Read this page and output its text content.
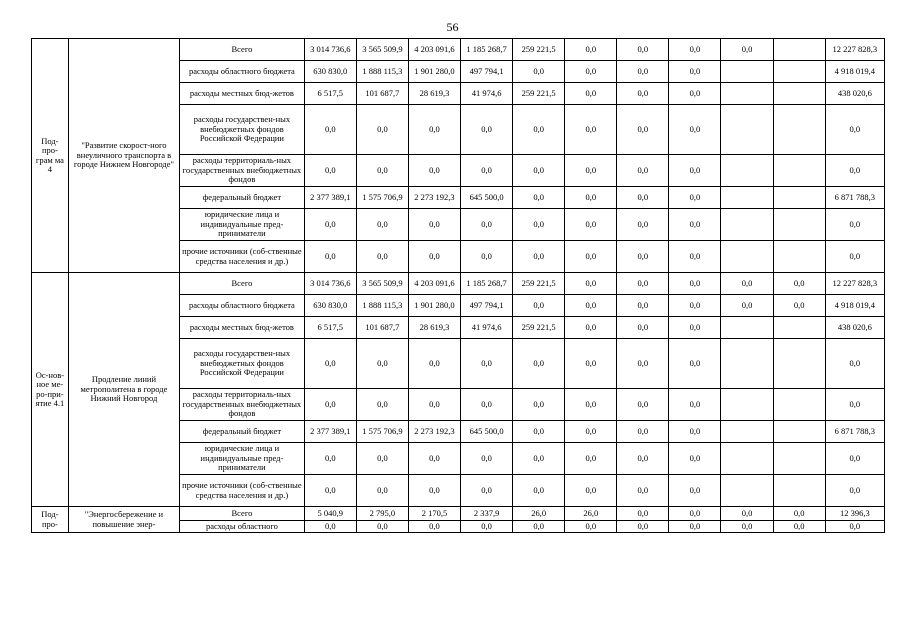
56
Под-про-грам ма 4	"Развитие скорост-ного внеуличного транспорта в городе Нижнем Новгороде"	Всего	3 014 736,6	3 565 509,9	4 203 091,6	1 185 268,7	259 221,5	0,0	0,0	0,0	0,0		12 227 828,3
		расходы областного бюджета	630 830,0	1 888 115,3	1 901 280,0	497 794,1	0,0	0,0	0,0	0,0			4 918 019,4
		расходы местных бюд-жетов	6 517,5	101 687,7	28 619,3	41 974,6	259 221,5	0,0	0,0	0,0			438 020,6
		расходы государствен-ных внебюджетных фондов Российской Федерации	0,0	0,0	0,0	0,0	0,0	0,0	0,0	0,0			0,0
		расходы территориаль-ных государственных внебюджетных фондов	0,0	0,0	0,0	0,0	0,0	0,0	0,0	0,0			0,0
		федеральный бюджет	2 377 389,1	1 575 706,9	2 273 192,3	645 500,0	0,0	0,0	0,0	0,0			6 871 788,3
		юридические лица и индивидуальные пред-приниматели	0,0	0,0	0,0	0,0	0,0	0,0	0,0	0,0			0,0
		прочие источники (соб-ственные средства населения и др.)	0,0	0,0	0,0	0,0	0,0	0,0	0,0	0,0			0,0
Ос-нов-ное ме-ро-при-ятие 4.1	Продление линий метрополитена в городе Нижний Новгород	Всего	3 014 736,6	3 565 509,9	4 203 091,6	1 185 268,7	259 221,5	0,0	0,0	0,0	0,0	0,0	12 227 828,3
		расходы областного бюджета	630 830,0	1 888 115,3	1 901 280,0	497 794,1	0,0	0,0	0,0	0,0	0,0	0,0	4 918 019,4
		расходы местных бюд-жетов	6 517,5	101 687,7	28 619,3	41 974,6	259 221,5	0,0	0,0	0,0			438 020,6
		расходы государствен-ных внебюджетных фондов Российской Федерации	0,0	0,0	0,0	0,0	0,0	0,0	0,0	0,0			0,0
		расходы территориаль-ных государственных внебюджетных фондов	0,0	0,0	0,0	0,0	0,0	0,0	0,0	0,0			0,0
		федеральный бюджет	2 377 389,1	1 575 706,9	2 273 192,3	645 500,0	0,0	0,0	0,0	0,0			6 871 788,3
		юридические лица и индивидуальные пред-приниматели	0,0	0,0	0,0	0,0	0,0	0,0	0,0	0,0			0,0
		прочие источники (соб-ственные средства населения и др.)	0,0	0,0	0,0	0,0	0,0	0,0	0,0	0,0			0,0
Под-про-	"Энергосбережение и повышение энер-	Всего	5 040,9	2 795,0	2 170,5	2 337,9	26,0	26,0	0,0	0,0	0,0	0,0	12 396,3
		расходы областного	0,0	0,0	0,0	0,0	0,0	0,0	0,0	0,0	0,0	0,0	0,0
